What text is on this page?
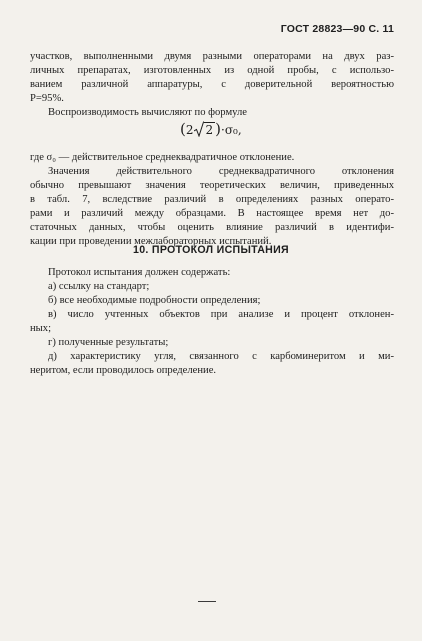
ГОСТ 28823—90 С. 11
участков, выполненными двумя разными операторами на двух раз-
личных препаратах, изготовленных из одной пробы, с использо-
ванием различной аппаратуры, с доверительной вероятностью
P=95%.
Воспроизводимость вычисляют по формуле
(2 2 )·σ₀,
где σ₀ — действительное среднеквадратичное отклонение.
Значения действительного среднеквадратичного отклонения
обычно превышают значения теоретических величин, приведенных
в табл. 7, вследствие различий в определениях разных операто-
рами и различий между образцами. В настоящее время нет до-
статочных данных, чтобы оценить влияние различий в идентифи-
кации при проведении межлабораторных испытаний.
10. ПРОТОКОЛ ИСПЫТАНИЯ
Протокол испытания должен содержать:
а) ссылку на стандарт;
б) все необходимые подробности определения;
в) число учтенных объектов при анализе и процент отклонен-
ных;
г) полученные результаты;
д) характеристику угля, связанного с карбоминеритом и ми-
неритом, если проводилось определение.
